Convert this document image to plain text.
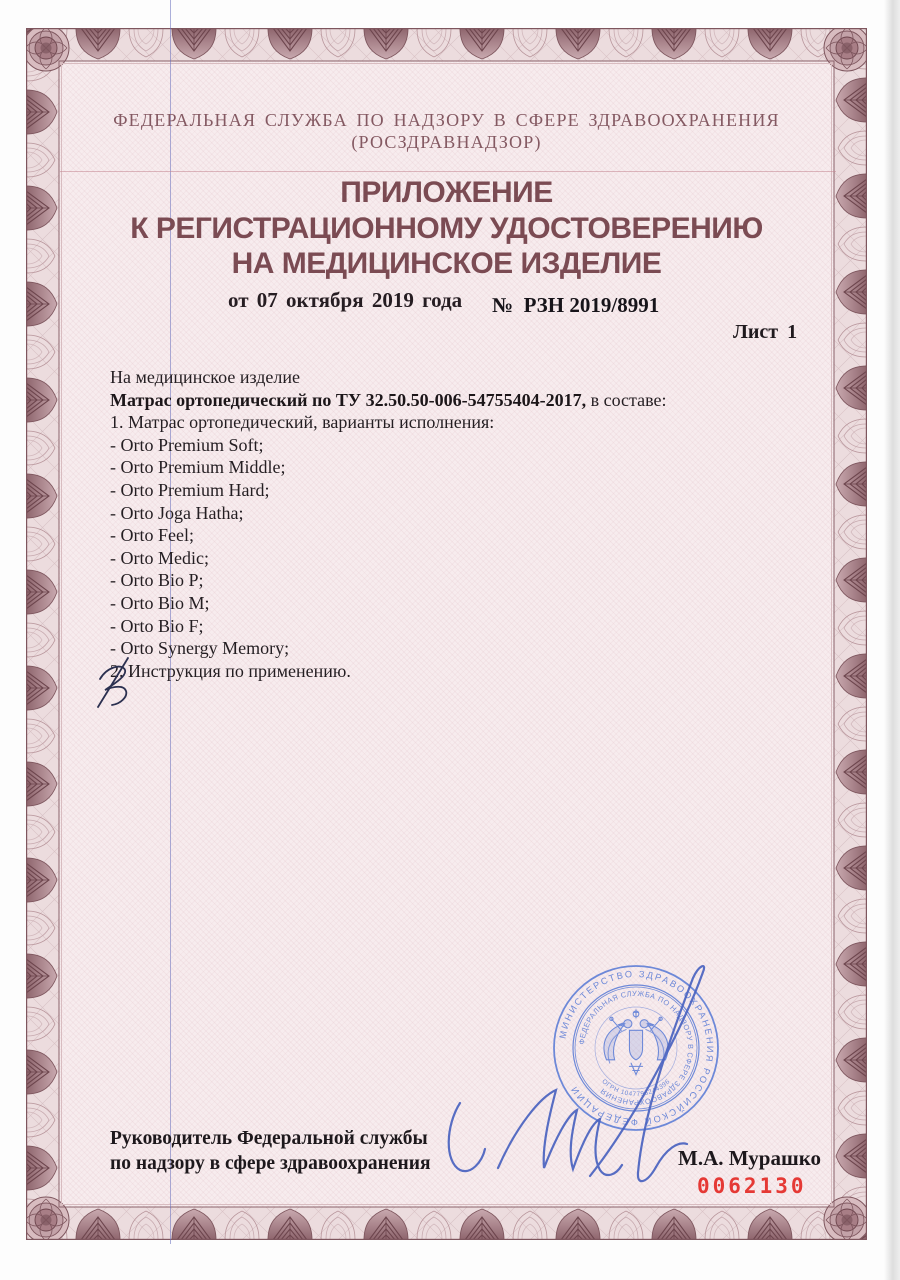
ФЕДЕРАЛЬНАЯ СЛУЖБА ПО НАДЗОРУ В СФЕРЕ ЗДРАВООХРАНЕНИЯ
(РОСЗДРАВНАДЗОР)
ПРИЛОЖЕНИЕ
К РЕГИСТРАЦИОННОМУ УДОСТОВЕРЕНИЮ
НА МЕДИЦИНСКОЕ ИЗДЕЛИЕ
от 07 октября 2019 года №  РЗН 2019/8991
Лист 1
На медицинское изделие
Матрас ортопедический по ТУ 32.50.50-006-54755404-2017, в составе:
1. Матрас ортопедический, варианты исполнения:
- Orto Premium Soft;
- Orto Premium Middle;
- Orto Premium Hard;
- Orto Joga Hatha;
- Orto Feel;
- Orto Medic;
- Orto Bio P;
- Orto Bio M;
- Orto Bio F;
- Orto Synergy Memory;
2. Инструкция по применению.
МИНИСТЕРСТВО ЗДРАВООХРАНЕНИЯ РОССИЙСКОЙ ФЕДЕРАЦИИ
ФЕДЕРАЛЬНАЯ СЛУЖБА ПО НАДЗОРУ В СФЕРЕ ЗДРАВООХРАНЕНИЯ
ОГРН 1047796244396
Руководитель Федеральной службы
по надзору в сфере здравоохранения	М.А. Мурашко
0062130
